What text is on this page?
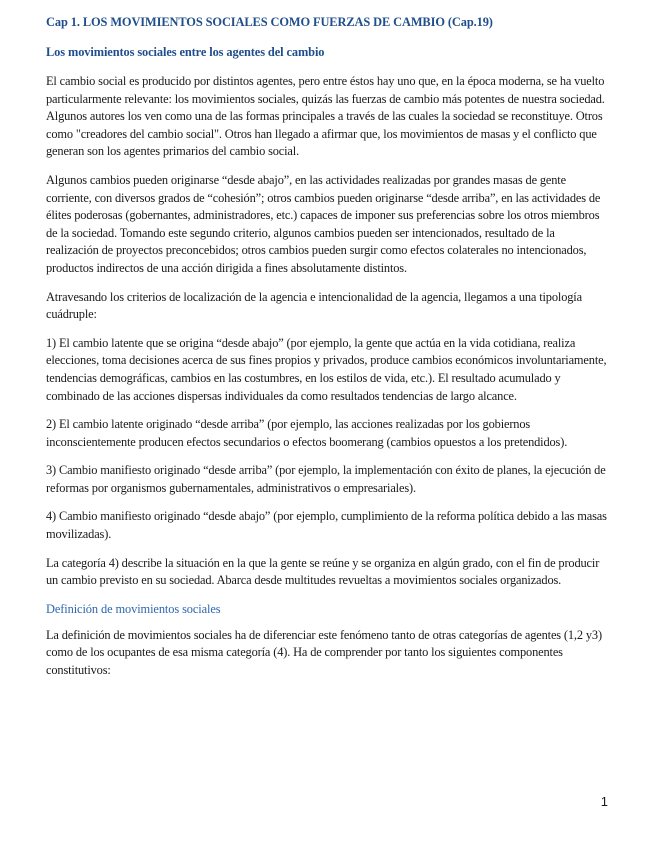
Cap 1. LOS MOVIMIENTOS SOCIALES COMO FUERZAS DE CAMBIO (Cap.19)
Los movimientos sociales entre los agentes del cambio

El cambio social es producido por distintos agentes, pero entre éstos hay uno que, en la época moderna, se ha vuelto particularmente relevante: los movimientos sociales, quizás las fuerzas de cambio más potentes de nuestra sociedad. Algunos autores los ven como una de las formas principales a través de las cuales la sociedad se reconstituye. Otros como "creadores del cambio social". Otros han llegado a afirmar que, los movimientos de masas y el conflicto que generan son los agentes primarios del cambio social.

Algunos cambios pueden originarse “desde abajo”, en las actividades realizadas por grandes masas de gente corriente, con diversos grados de “cohesión”; otros cambios pueden originarse “desde arriba”, en las actividades de élites poderosas (gobernantes, administradores, etc.) capaces de imponer sus preferencias sobre los otros miembros de la sociedad. Tomando este segundo criterio, algunos cambios pueden ser intencionados, resultado de la realización de proyectos preconcebidos; otros cambios pueden surgir como efectos colaterales no intencionados, productos indirectos de una acción dirigida a fines absolutamente distintos.

Atravesando los criterios de localización de la agencia e intencionalidad de la agencia, llegamos a una tipología cuádruple:

1) El cambio latente que se origina “desde abajo” (por ejemplo, la gente que actúa en la vida cotidiana, realiza elecciones, toma decisiones acerca de sus fines propios y privados, produce cambios económicos involuntariamente, tendencias demográficas, cambios en las costumbres, en los estilos de vida, etc.). El resultado acumulado y combinado de las acciones dispersas individuales da como resultados tendencias de largo alcance.

2) El cambio latente originado “desde arriba” (por ejemplo, las acciones realizadas por los gobiernos inconscientemente producen efectos secundarios o efectos boomerang (cambios opuestos a los pretendidos).

3) Cambio manifiesto originado “desde arriba” (por ejemplo, la implementación con éxito de planes, la ejecución de reformas por organismos gubernamentales, administrativos o empresariales).

4) Cambio manifiesto originado “desde abajo” (por ejemplo, cumplimiento de la reforma política debido a las masas movilizadas).

La categoría 4) describe la situación en la que la gente se reúne y se organiza en algún grado, con el fin de producir un cambio previsto en su sociedad. Abarca desde multitudes revueltas a movimientos sociales organizados.

Definición de movimientos sociales

La definición de movimientos sociales ha de diferenciar este fenómeno tanto de otras categorías de agentes (1,2 y3) como de los ocupantes de esa misma categoría (4). Ha de comprender por tanto los siguientes componentes constitutivos:

1
